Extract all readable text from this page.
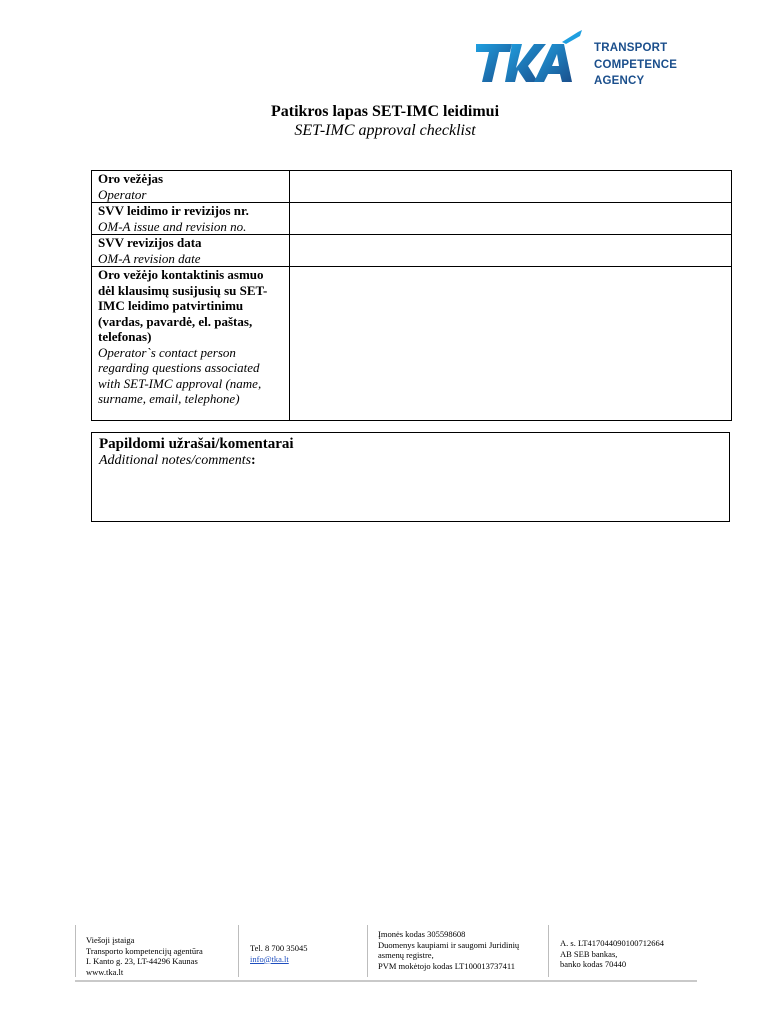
TRANSPORT
COMPETENCE
AGENCY
Patikros lapas SET-IMC leidimui
SET-IMC approval checklist
Oro vežėjas
Operator	

SVV leidimo ir revizijos nr.
OM-A issue and revision no.	

SVV revizijos data
OM-A revision date	

Oro vežėjo kontaktinis asmuo dėl klausimų susijusių su SET-IMC leidimo patvirtinimu (vardas, pavardė, el. paštas, telefonas)
Operator`s contact person regarding questions associated with SET-IMC approval (name, surname, email, telephone)	

Papildomi užrašai/komentarai
Additional notes/comments:
Viešoji įstaiga
Transporto kompetencijų agentūra
I. Kanto g. 23, LT-44296 Kaunas
www.tka.lt
Tel. 8 700 35045
info@tka.lt
Įmonės kodas 305598608
Duomenys kaupiami ir saugomi Juridinių
asmenų registre,
PVM mokėtojo kodas LT100013737411
A. s. LT417044090100712664
AB SEB bankas,
banko kodas 70440
